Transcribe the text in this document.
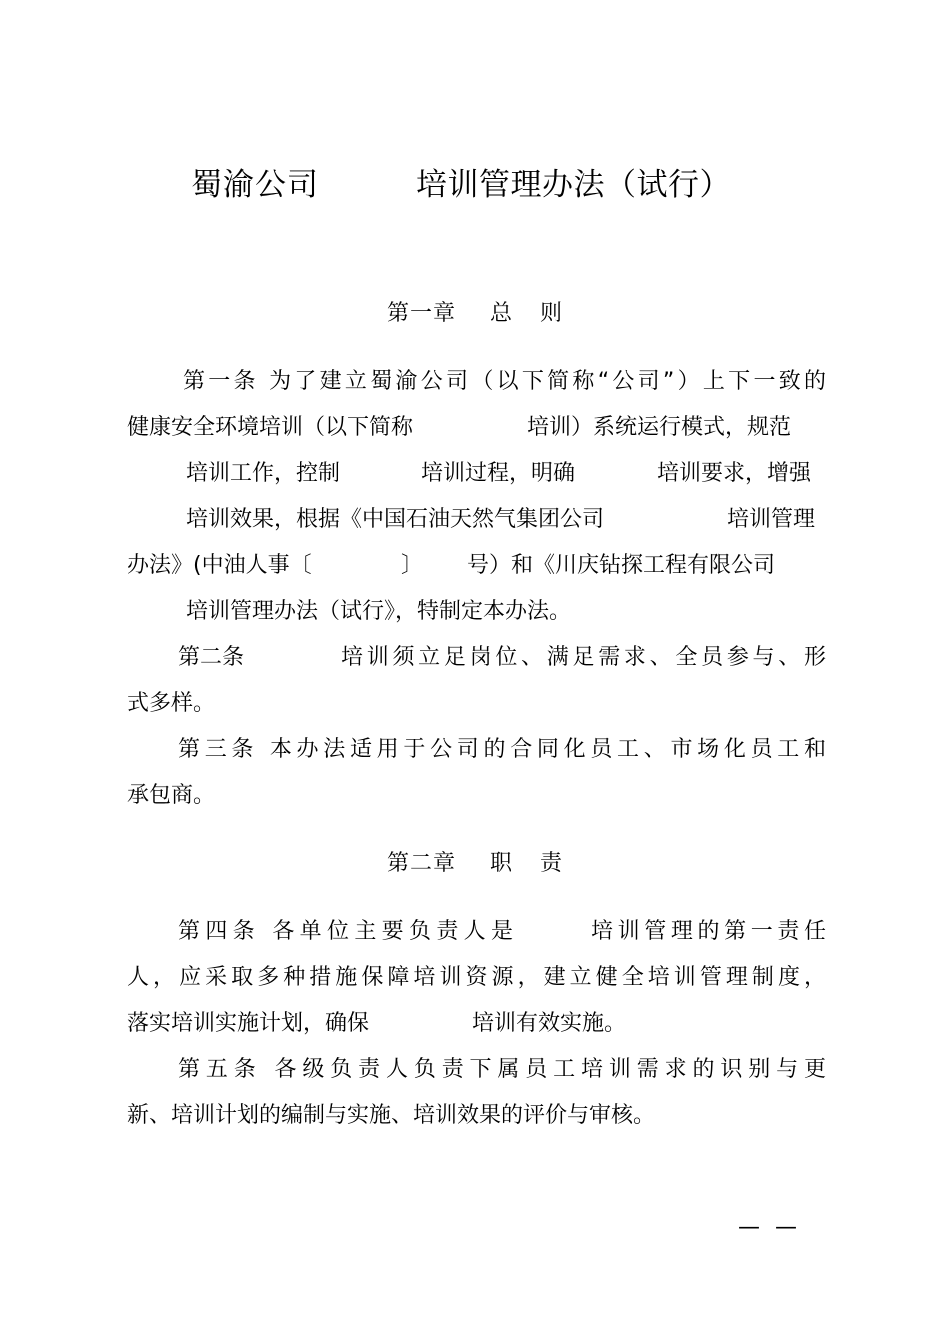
蜀渝公司	培训管理办法（试行）
第一章 总 则
第一条 为了建立蜀渝公司（以下简称“公司”）上下一致的
健康安全环境培训（以下简称	培训）系统运行模式，规范
培训工作，控制	培训过程，明确	培训要求，增强
培训效果，根据《中国石油天然气集团公司	培训管理
办法》(中油人事〔	〕 号）和《川庆钻探工程有限公司
培训管理办法（试行》，特制定本办法。
第二条	培训须立足岗位、满足需求、全员参与、形
式多样。
第三条 本办法适用于公司的合同化员工、市场化员工和
承包商。
第二章 职 责
第四条 各单位主要负责人是	培训管理的第一责任
人，应采取多种措施保障培训资源，建立健全培训管理制度，
落实培训实施计划，确保	培训有效实施。
第五条 各级负责人负责下属员工培训需求的识别与更
新、培训计划的编制与实施、培训效果的评价与审核。
— —
